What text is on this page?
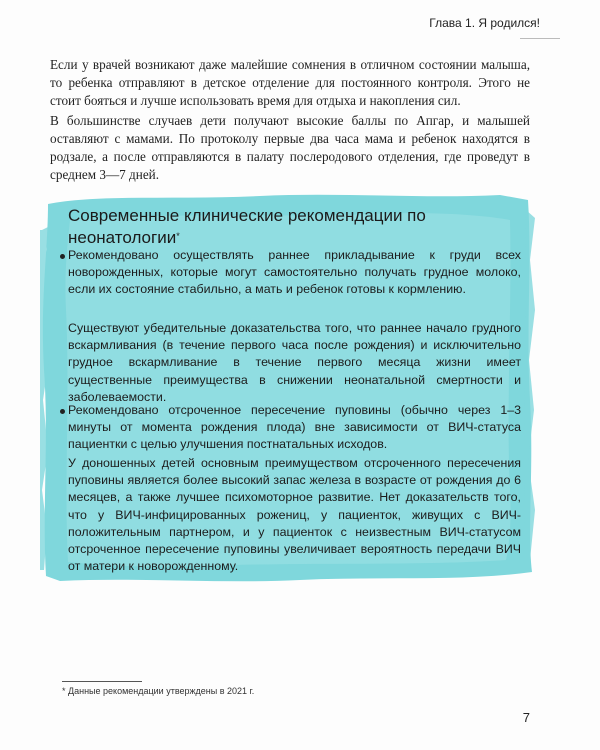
Глава 1. Я родился!
Если у врачей возникают даже малейшие сомнения в отличном состоянии малыша, то ребенка отправляют в детское отделение для постоянного контроля. Этого не стоит бояться и лучше использовать время для отдыха и накопления сил.
В большинстве случаев дети получают высокие баллы по Апгар, и малышей оставляют с мамами. По протоколу первые два часа мама и ребенок находятся в родзале, а после отправляются в палату послеродового отделения, где проведут в среднем 3—7 дней.
Современные клинические рекомендации по неонатологии*
Рекомендовано осуществлять раннее прикладывание к груди всех новорожденных, которые могут самостоятельно получать грудное молоко, если их состояние стабильно, а мать и ребенок готовы к кормлению.
Существуют убедительные доказательства того, что раннее начало грудного вскармливания (в течение первого часа после рождения) и исключительно грудное вскармливание в течение первого месяца жизни имеет существенные преимущества в снижении неонатальной смертности и заболеваемости.
Рекомендовано отсроченное пересечение пуповины (обычно через 1–3 минуты от момента рождения плода) вне зависимости от ВИЧ-статуса пациентки с целью улучшения постнатальных исходов.
У доношенных детей основным преимуществом отсроченного пересечения пуповины является более высокий запас железа в возрасте от рождения до 6 месяцев, а также лучшее психомоторное развитие. Нет доказательств того, что у ВИЧ-инфицированных рожениц, у пациенток, живущих с ВИЧ-положительным партнером, и у пациенток с неизвестным ВИЧ-статусом отсроченное пересечение пуповины увеличивает вероятность передачи ВИЧ от матери к новорожденному.
* Данные рекомендации утверждены в 2021 г.
7
